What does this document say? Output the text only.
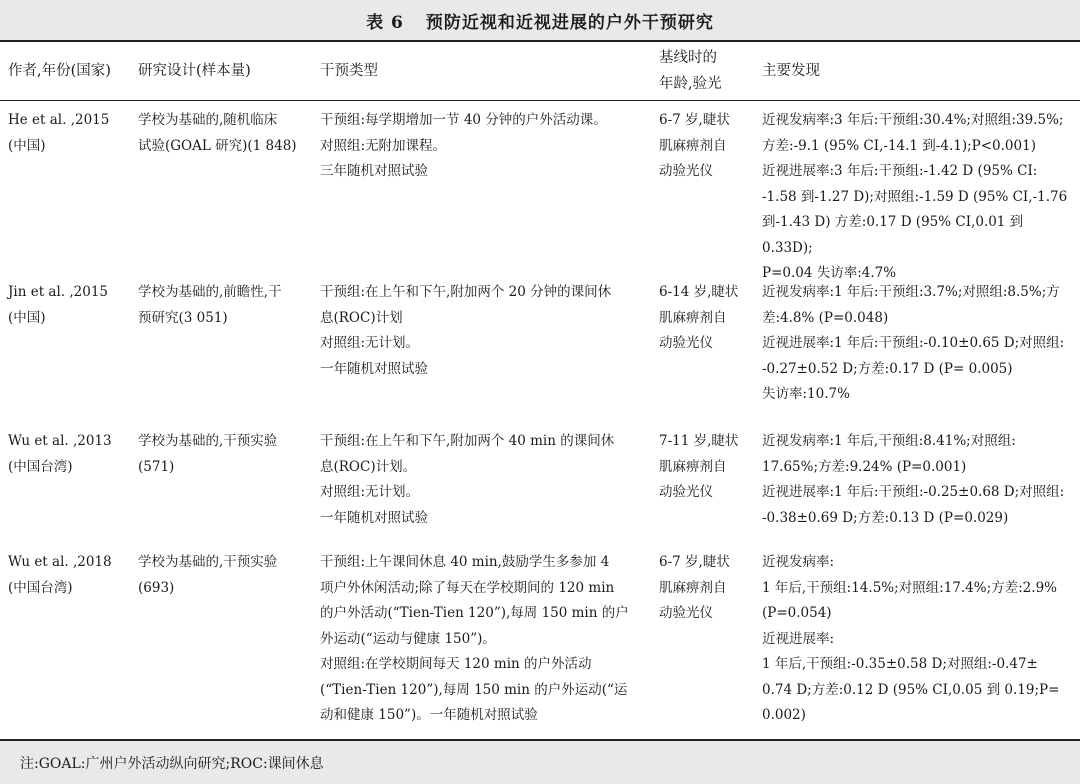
表 6 预防近视和近视进展的户外干预研究
作者,年份(国家) 研究设计(样本量)	干预类型
基线时的
年龄,验光
主要发现

He et al. ,2015

(中国)

学校为基础的,随机临床

试验(GOAL 研究)(1 848)

干预组:每学期增加一节 40 分钟的户外活动课。

对照组:无附加课程。

三年随机对照试验

6-7 岁,睫状

肌麻痹剂自

动验光仪

近视发病率:3 年后:干预组:30.4%;对照组:39.5%;

方差:-9.1 (95% CI,-14.1 到-4.1);P<0.001)

近视进展率:3 年后:干预组:-1.42 D (95% CI:

-1.58 到-1.27 D);对照组:-1.59 D (95% CI,-1.76

到-1.43 D) 方差:0.17 D (95% CI,0.01 到 0.33D);

P=0.04 失访率:4.7%

Jin et al. ,2015

(中国)

学校为基础的,前瞻性,干

预研究(3 051)

干预组:在上午和下午,附加两个 20 分钟的课间休

息(ROC)计划

对照组:无计划。

一年随机对照试验

6-14 岁,睫状

肌麻痹剂自

动验光仪

近视发病率:1 年后:干预组:3.7%;对照组:8.5%;方

差:4.8% (P=0.048)

近视进展率:1 年后:干预组:-0.10±0.65 D;对照组:

-0.27±0.52 D;方差:0.17 D (P= 0.005)

失访率:10.7%

Wu et al. ,2013

(中国台湾)

学校为基础的,干预实验

(571)

干预组:在上午和下午,附加两个 40 min 的课间休

息(ROC)计划。

对照组:无计划。

一年随机对照试验

7-11 岁,睫状

肌麻痹剂自

动验光仪

近视发病率:1 年后,干预组:8.41%;对照组:

17.65%;方差:9.24% (P=0.001)

近视进展率:1 年后:干预组:-0.25±0.68 D;对照组:

-0.38±0.69 D;方差:0.13 D (P=0.029)

Wu et al. ,2018

(中国台湾)

学校为基础的,干预实验

(693)

干预组:上午课间休息 40 min,鼓励学生多参加 4

项户外休闲活动;除了每天在学校期间的 120 min

的户外活动(“Tien-Tien 120”),每周 150 min 的户

外运动(“运动与健康 150”)。

对照组:在学校期间每天 120 min 的户外活动

(“Tien-Tien 120”),每周 150 min 的户外运动(“运

动和健康 150”)。一年随机对照试验

6-7 岁,睫状

肌麻痹剂自

动验光仪

近视发病率:

1 年后,干预组:14.5%;对照组:17.4%;方差:2.9%

(P=0.054)

近视进展率:

1 年后,干预组:-0.35±0.58 D;对照组:-0.47±

0.74 D;方差:0.12 D (95% CI,0.05 到 0.19;P=

0.002)

注:GOAL:广州户外活动纵向研究;ROC:课间休息
